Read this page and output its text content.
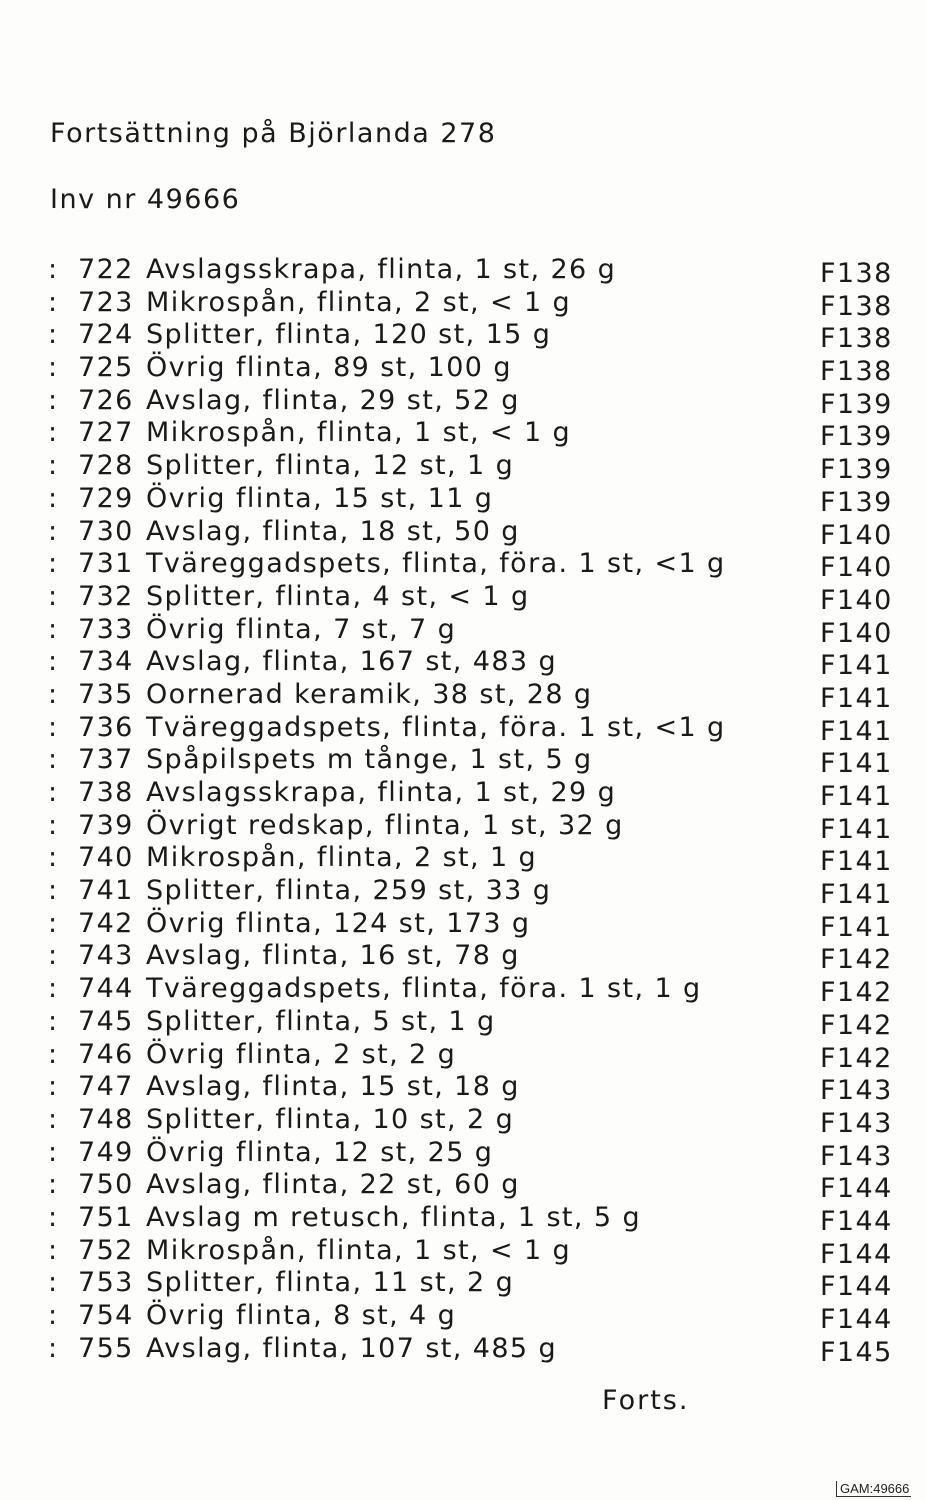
Fortsättning på Björlanda 278
Inv nr 49666
: 722 Avslagsskrapa, flinta, 1 st, 26 g	F138
: 723 Mikrospån, flinta, 2 st, < 1 g	F138
: 724 Splitter, flinta, 120 st, 15 g	F138
: 725 Övrig flinta, 89 st, 100 g	F138
: 726 Avslag, flinta, 29 st, 52 g	F139
: 727 Mikrospån, flinta, 1 st, < 1 g	F139
: 728 Splitter, flinta, 12 st, 1 g	F139
: 729 Övrig flinta, 15 st, 11 g	F139
: 730 Avslag, flinta, 18 st, 50 g	F140
: 731 Tväreggadspets, flinta, föra. 1 st, <1 g	F140
: 732 Splitter, flinta, 4 st, < 1 g	F140
: 733 Övrig flinta, 7 st, 7 g	F140
: 734 Avslag, flinta, 167 st, 483 g	F141
: 735 Oornerad keramik, 38 st, 28 g	F141
: 736 Tväreggadspets, flinta, föra. 1 st, <1 g	F141
: 737 Spåpilspets m tånge, 1 st, 5 g	F141
: 738 Avslagsskrapa, flinta, 1 st, 29 g	F141
: 739 Övrigt redskap, flinta, 1 st, 32 g	F141
: 740 Mikrospån, flinta, 2 st, 1 g	F141
: 741 Splitter, flinta, 259 st, 33 g	F141
: 742 Övrig flinta, 124 st, 173 g	F141
: 743 Avslag, flinta, 16 st, 78 g	F142
: 744 Tväreggadspets, flinta, föra. 1 st, 1 g	F142
: 745 Splitter, flinta, 5 st, 1 g	F142
: 746 Övrig flinta, 2 st, 2 g	F142
: 747 Avslag, flinta, 15 st, 18 g	F143
: 748 Splitter, flinta, 10 st, 2 g	F143
: 749 Övrig flinta, 12 st, 25 g	F143
: 750 Avslag, flinta, 22 st, 60 g	F144
: 751 Avslag m retusch, flinta, 1 st, 5 g	F144
: 752 Mikrospån, flinta, 1 st, < 1 g	F144
: 753 Splitter, flinta, 11 st, 2 g	F144
: 754 Övrig flinta, 8 st, 4 g	F144
: 755 Avslag, flinta, 107 st, 485 g	F145
Forts.
GAM:49666
